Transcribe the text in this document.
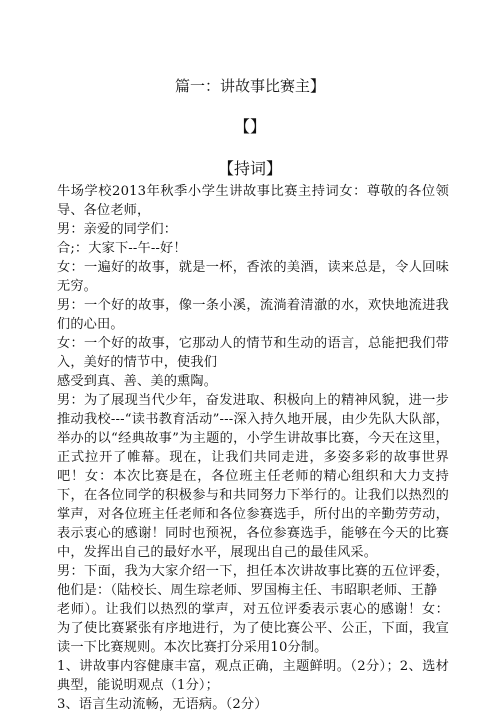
篇一：讲故事比赛主】
【】
【持词】

牛场学校2013年秋季小学生讲故事比赛主持词女：尊敬的各位领导、各位老师，

男：亲爱的同学们：

合;：大家下--午--好！

女：一遍好的故事，就是一杯，香浓的美酒，读来总是，令人回味无穷。

男：一个好的故事，像一条小溪，流淌着清澈的水，欢快地流进我们的心田。

女：一个好的故事，它那动人的情节和生动的语言，总能把我们带入，美好的情节中，使我们

感受到真、善、美的熏陶。

男：为了展现当代少年，奋发进取、积极向上的精神风貌，进一步推动我校---“读书教育活动”---深入持久地开展，由少先队大队部，举办的以“经典故事”为主题的，小学生讲故事比赛，今天在这里，正式拉开了帷幕。现在，让我们共同走进，多姿多彩的故事世界吧！女：本次比赛是在，各位班主任老师的精心组织和大力支持下，在各位同学的积极参与和共同努力下举行的。让我们以热烈的掌声，对各位班主任老师和各位参赛选手，所付出的辛勤劳劳动，表示衷心的感谢！同时也预祝，各位参赛选手，能够在今天的比赛中，发挥出自己的最好水平，展现出自己的最佳风采。

男：下面，我为大家介绍一下，担任本次讲故事比赛的五位评委，他们是：（陆校长、周生琮老师、罗国梅主任、韦昭职老师、王静

老师）。让我们以热烈的掌声，对五位评委表示衷心的感谢！女：为了使比赛紧张有序地进行，为了使比赛公平、公正，下面，我宣读一下比赛规则。本次比赛打分采用10分制。

1、讲故事内容健康丰富，观点正确，主题鲜明。（2分）；2、选材典型，能说明观点（1分）；

3、语言生动流畅，无语病。（2分）
